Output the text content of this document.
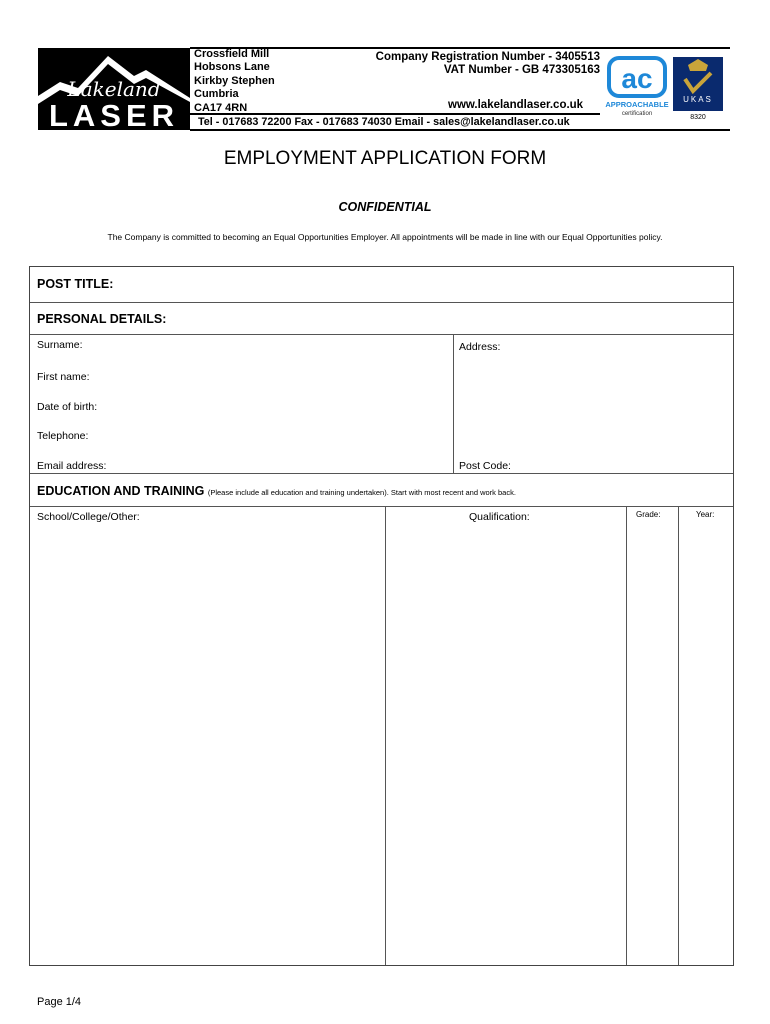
Lakeland
LASER
Crossfield Mill
Hobsons Lane
Kirkby Stephen
Cumbria
CA17 4RN
Company Registration Number - 3405513
VAT Number - GB 473305163
www.lakelandlaser.co.uk
Tel - 017683 72200 Fax - 017683 74030 Email - sales@lakelandlaser.co.uk
ac
APPROACHABLE
certification
UKAS
8320
EMPLOYMENT APPLICATION FORM
CONFIDENTIAL
The Company is committed to becoming an Equal Opportunities Employer. All appointments will be made in line with our Equal Opportunities policy.
POST TITLE:
PERSONAL DETAILS:
Surname:	Address:
First name:
Date of birth:
Telephone:
Email address:	Post Code:
EDUCATION AND TRAINING (Please include all education and training undertaken). Start with most recent and work back.
School/College/Other:	Qualification:	Grade:	Year:
Page 1/4
